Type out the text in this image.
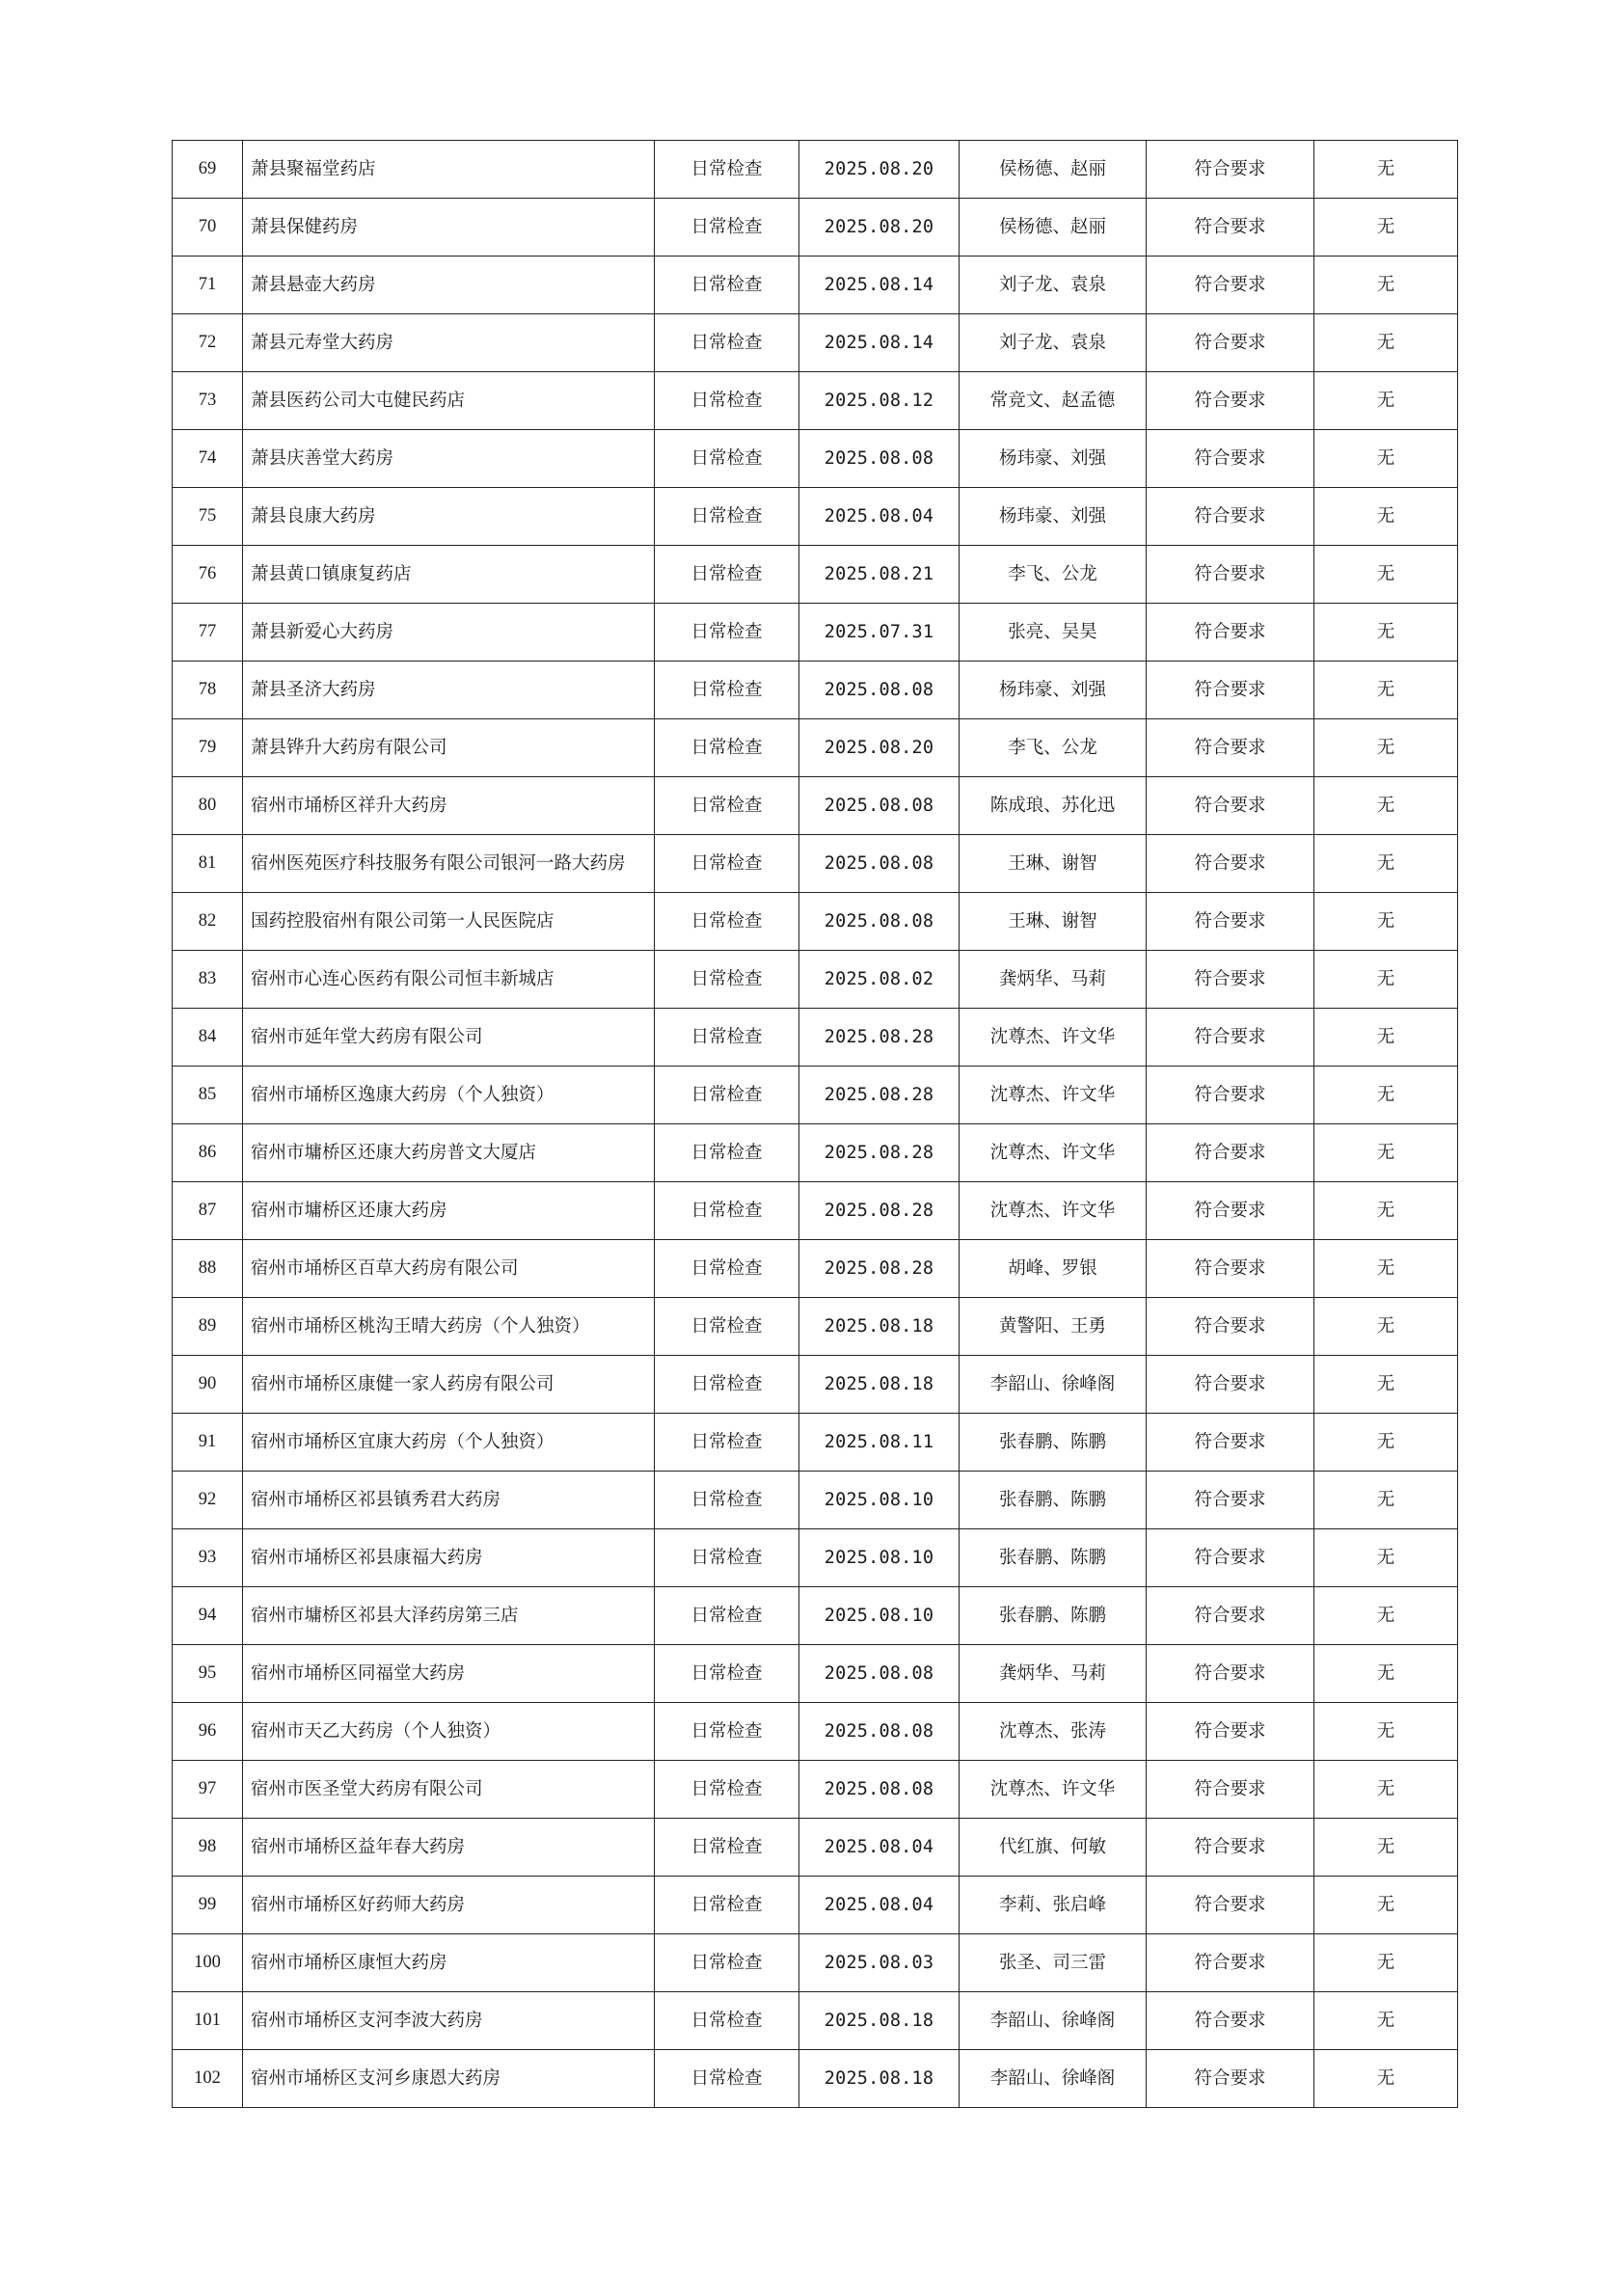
69	萧县聚福堂药店	日常检查	2025.08.20	侯杨德、赵丽	符合要求	无
70	萧县保健药房	日常检查	2025.08.20	侯杨德、赵丽	符合要求	无
71	萧县悬壶大药房	日常检查	2025.08.14	刘子龙、袁泉	符合要求	无
72	萧县元寿堂大药房	日常检查	2025.08.14	刘子龙、袁泉	符合要求	无
73	萧县医药公司大屯健民药店	日常检查	2025.08.12	常竞文、赵孟德	符合要求	无
74	萧县庆善堂大药房	日常检查	2025.08.08	杨玮豪、刘强	符合要求	无
75	萧县良康大药房	日常检查	2025.08.04	杨玮豪、刘强	符合要求	无
76	萧县黄口镇康复药店	日常检查	2025.08.21	李飞、公龙	符合要求	无
77	萧县新爱心大药房	日常检查	2025.07.31	张亮、吴昊	符合要求	无
78	萧县圣济大药房	日常检查	2025.08.08	杨玮豪、刘强	符合要求	无
79	萧县铧升大药房有限公司	日常检查	2025.08.20	李飞、公龙	符合要求	无
80	宿州市埇桥区祥升大药房	日常检查	2025.08.08	陈成琅、苏化迅	符合要求	无
81	宿州医苑医疗科技服务有限公司银河一路大药房	日常检查	2025.08.08	王琳、谢智	符合要求	无
82	国药控股宿州有限公司第一人民医院店	日常检查	2025.08.08	王琳、谢智	符合要求	无
83	宿州市心连心医药有限公司恒丰新城店	日常检查	2025.08.02	龚炳华、马莉	符合要求	无
84	宿州市延年堂大药房有限公司	日常检查	2025.08.28	沈尊杰、许文华	符合要求	无
85	宿州市埇桥区逸康大药房（个人独资）	日常检查	2025.08.28	沈尊杰、许文华	符合要求	无
86	宿州市墉桥区还康大药房普文大厦店	日常检查	2025.08.28	沈尊杰、许文华	符合要求	无
87	宿州市墉桥区还康大药房	日常检查	2025.08.28	沈尊杰、许文华	符合要求	无
88	宿州市埇桥区百草大药房有限公司	日常检查	2025.08.28	胡峰、罗银	符合要求	无
89	宿州市埇桥区桃沟王晴大药房（个人独资）	日常检查	2025.08.18	黄警阳、王勇	符合要求	无
90	宿州市埇桥区康健一家人药房有限公司	日常检查	2025.08.18	李韶山、徐峰阁	符合要求	无
91	宿州市埇桥区宜康大药房（个人独资）	日常检查	2025.08.11	张春鹏、陈鹏	符合要求	无
92	宿州市埇桥区祁县镇秀君大药房	日常检查	2025.08.10	张春鹏、陈鹏	符合要求	无
93	宿州市埇桥区祁县康福大药房	日常检查	2025.08.10	张春鹏、陈鹏	符合要求	无
94	宿州市墉桥区祁县大泽药房第三店	日常检查	2025.08.10	张春鹏、陈鹏	符合要求	无
95	宿州市埇桥区同福堂大药房	日常检查	2025.08.08	龚炳华、马莉	符合要求	无
96	宿州市天乙大药房（个人独资）	日常检查	2025.08.08	沈尊杰、张涛	符合要求	无
97	宿州市医圣堂大药房有限公司	日常检查	2025.08.08	沈尊杰、许文华	符合要求	无
98	宿州市埇桥区益年春大药房	日常检查	2025.08.04	代红旗、何敏	符合要求	无
99	宿州市埇桥区好药师大药房	日常检查	2025.08.04	李莉、张启峰	符合要求	无
100	宿州市埇桥区康恒大药房	日常检查	2025.08.03	张圣、司三雷	符合要求	无
101	宿州市埇桥区支河李波大药房	日常检查	2025.08.18	李韶山、徐峰阁	符合要求	无
102	宿州市埇桥区支河乡康恩大药房	日常检查	2025.08.18	李韶山、徐峰阁	符合要求	无
